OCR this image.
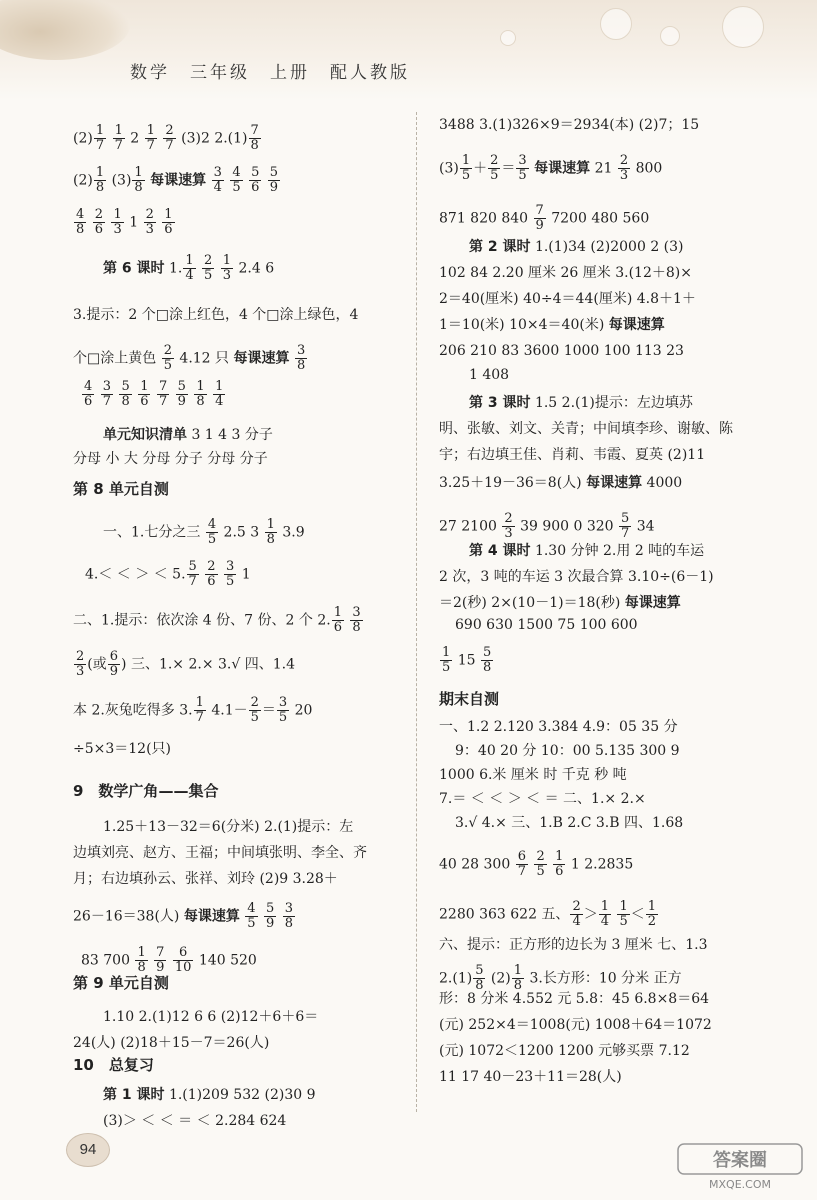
数学　三年级　上册　配人教版
$(2) \frac{1}{7}$
$\frac{1}{7} 2 \frac{1}{7}$
$\frac{2}{7} (3)2$ $2.(1) \frac{7}{8}$
$(2) \frac{1}{8} (3) \frac{1}{8}$ 每课速算 $\frac{3}{4}$
$\frac{4}{5}$
$\frac{5}{6}$
$\frac{5}{9}$
$\frac{4}{8}$
$\frac{2}{6}$
$\frac{1}{3} 1 \frac{2}{3}$
$\frac{1}{6}$
第 6 课时 1. $\frac{1}{4}$
$\frac{2}{5}$
$\frac{1}{3} 2.4$ 6
3.提示：2 个□涂上红色，4 个□涂上绿色，4
个□涂上黄色 $\frac{2}{5} 4.12$ 只 每课速算 $\frac{3}{8}$
$\frac{4}{6}$
$\frac{3}{7}$
$\frac{5}{8}$
$\frac{1}{6}$
$\frac{7}{7}$
$\frac{5}{9}$
$\frac{1}{8}$
$\frac{1}{4}$
单元知识清单 3 1 4 3 分子
分母 小 大 分母 分子 分母 分子
第 8 单元自测
一、1.七分之三 $\frac{4}{5} 2.5$ $3 \frac{1}{8} 3.9$
4.＜ ＜ ＞ ＜ 5. $\frac{5}{7}$
$\frac{2}{6}$
$\frac{3}{5} 1$
二、1.提示：依次涂 4 份、7 份、2 个 2. $\frac{1}{6}$
$\frac{3}{8}$
$\frac{2}{3}$ (或 $\frac{6}{9}$ ) 三、1.× 2.× 3.√ 四、1.4
本 2.灰兔吃得多 3. $\frac{1}{7} 4.1- \frac{2}{5} = \frac{3}{5} 20$
÷5×3＝12(只)
9　数学广角——集合
1.25＋13－32＝6(分米) 2.(1)提示：左
边填刘亮、赵方、王福；中间填张明、李全、齐
月；右边填孙云、张祥、刘玲 (2)9 3.28＋
26－16＝38(人) 每课速算 $\frac{4}{5}$
$\frac{5}{9}$
$\frac{3}{8}$
83 $700 \frac{1}{8}$
$\frac{7}{9}$
$\frac{6}{10} 140$ 520
第 9 单元自测
1.10 2.(1)12 6 6 (2)12＋6＋6＝
24(人) (2)18＋15－7＝26(人)
10　总复习
第 1 课时 1.(1)209 532 (2)30 9
(3)＞ ＜ ＜ ＝ ＜ 2.284 624
3488 3.(1)326×9＝2934(本) (2)7；15
$(3) \frac{1}{5} + \frac{2}{5} = \frac{3}{5}$ 每课速算 $21 \frac{2}{3} 800$
871 820 $840 \frac{7}{9} 7200$ 480 560
第 2 课时 1.(1)34 (2)2000 2 (3)
102 84 2.20 厘米 26 厘米 3.(12＋8)×
2＝40(厘米) 40÷4＝44(厘米) 4.8＋1＋
1＝10(米) 10×4＝40(米) 每课速算
206 210 83 3600 1000 100 113 23
1 408
第 3 课时 1.5 2.(1)提示：左边填苏
明、张敏、刘文、关青；中间填李珍、谢敏、陈
宇；右边填王佳、肖莉、韦霞、夏英 (2)11
3.25＋19－36＝8(人) 每课速算 4000
27 $2100 \frac{2}{3} 39$ 900 0 $320 \frac{5}{7} 34$
第 4 课时 1.30 分钟 2.用 2 吨的车运
2 次，3 吨的车运 3 次最合算 3.10÷(6－1)
＝2(秒) 2×(10－1)＝18(秒) 每课速算
690 630 1500 75 100 600
$\frac{1}{5} 15 \frac{5}{8}$
期末自测
一、1.2 2.120 3.384 4.9：05 35 分
9：40 20 分 10：00 5.135 300 9
1000 6.米 厘米 时 千克 秒 吨
7.＝ ＜ ＜ ＞ ＜ ＝ 二、1.× 2.×
3.√ 4.× 三、1.B 2.C 3.B 四、1.68
40 28 $300 \frac{6}{7}$
$\frac{2}{5}$
$\frac{1}{6} 1$ 2.2835
2280 363 622 五、 $\frac{2}{4} > \frac{1}{4}$
$\frac{1}{5} < \frac{1}{2}$
六、提示：正方形的边长为 3 厘米 七、1.3
$2.(1) \frac{5}{8} (2) \frac{1}{8} 3$.长方形：10 分米 正方
形：8 分米 4.552 元 5.8：45 6.8×8＝64
(元) 252×4＝1008(元) 1008＋64＝1072
(元) 1072＜1200 1200 元够买票 7.12
11 17 40－23＋11＝28(人)
94
答案圈
MXQE.COM
